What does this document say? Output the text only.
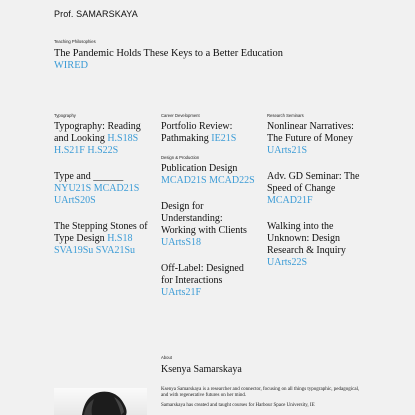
Prof. SAMARSKAYA
Teaching Philosophies
The Pandemic Holds These Keys to a Better Education
WIRED
Typography
Typography: Reading and Looking H.S18S H.S21F H.S22S
Type and ______ NYU21S MCAD21S UArtS20S
The Stepping Stones of Type Design H.S18 SVA19Su SVA21Su
Career Development
Portfolio Review: Pathmaking IE21S
Design & Production
Publication Design MCAD21S MCAD22S
Design for Understanding: Working with Clients UArtsS18
Off-Label: Designed for Interactions UArts21F
Research Seminars
Nonlinear Narratives: The Future of Money UArts21S
Adv. GD Seminar: The Speed of Change MCAD21F
Walking into the Unknown: Design Research & Inquiry UArts22S
About
Ksenya Samarskaya

Ksenya Samarskaya is a researcher and connector, focusing on all things typographic, pedagogical, and with regenerative futures on her mind.

Samarskaya has created and taught courses for Harbour Space University, IE
